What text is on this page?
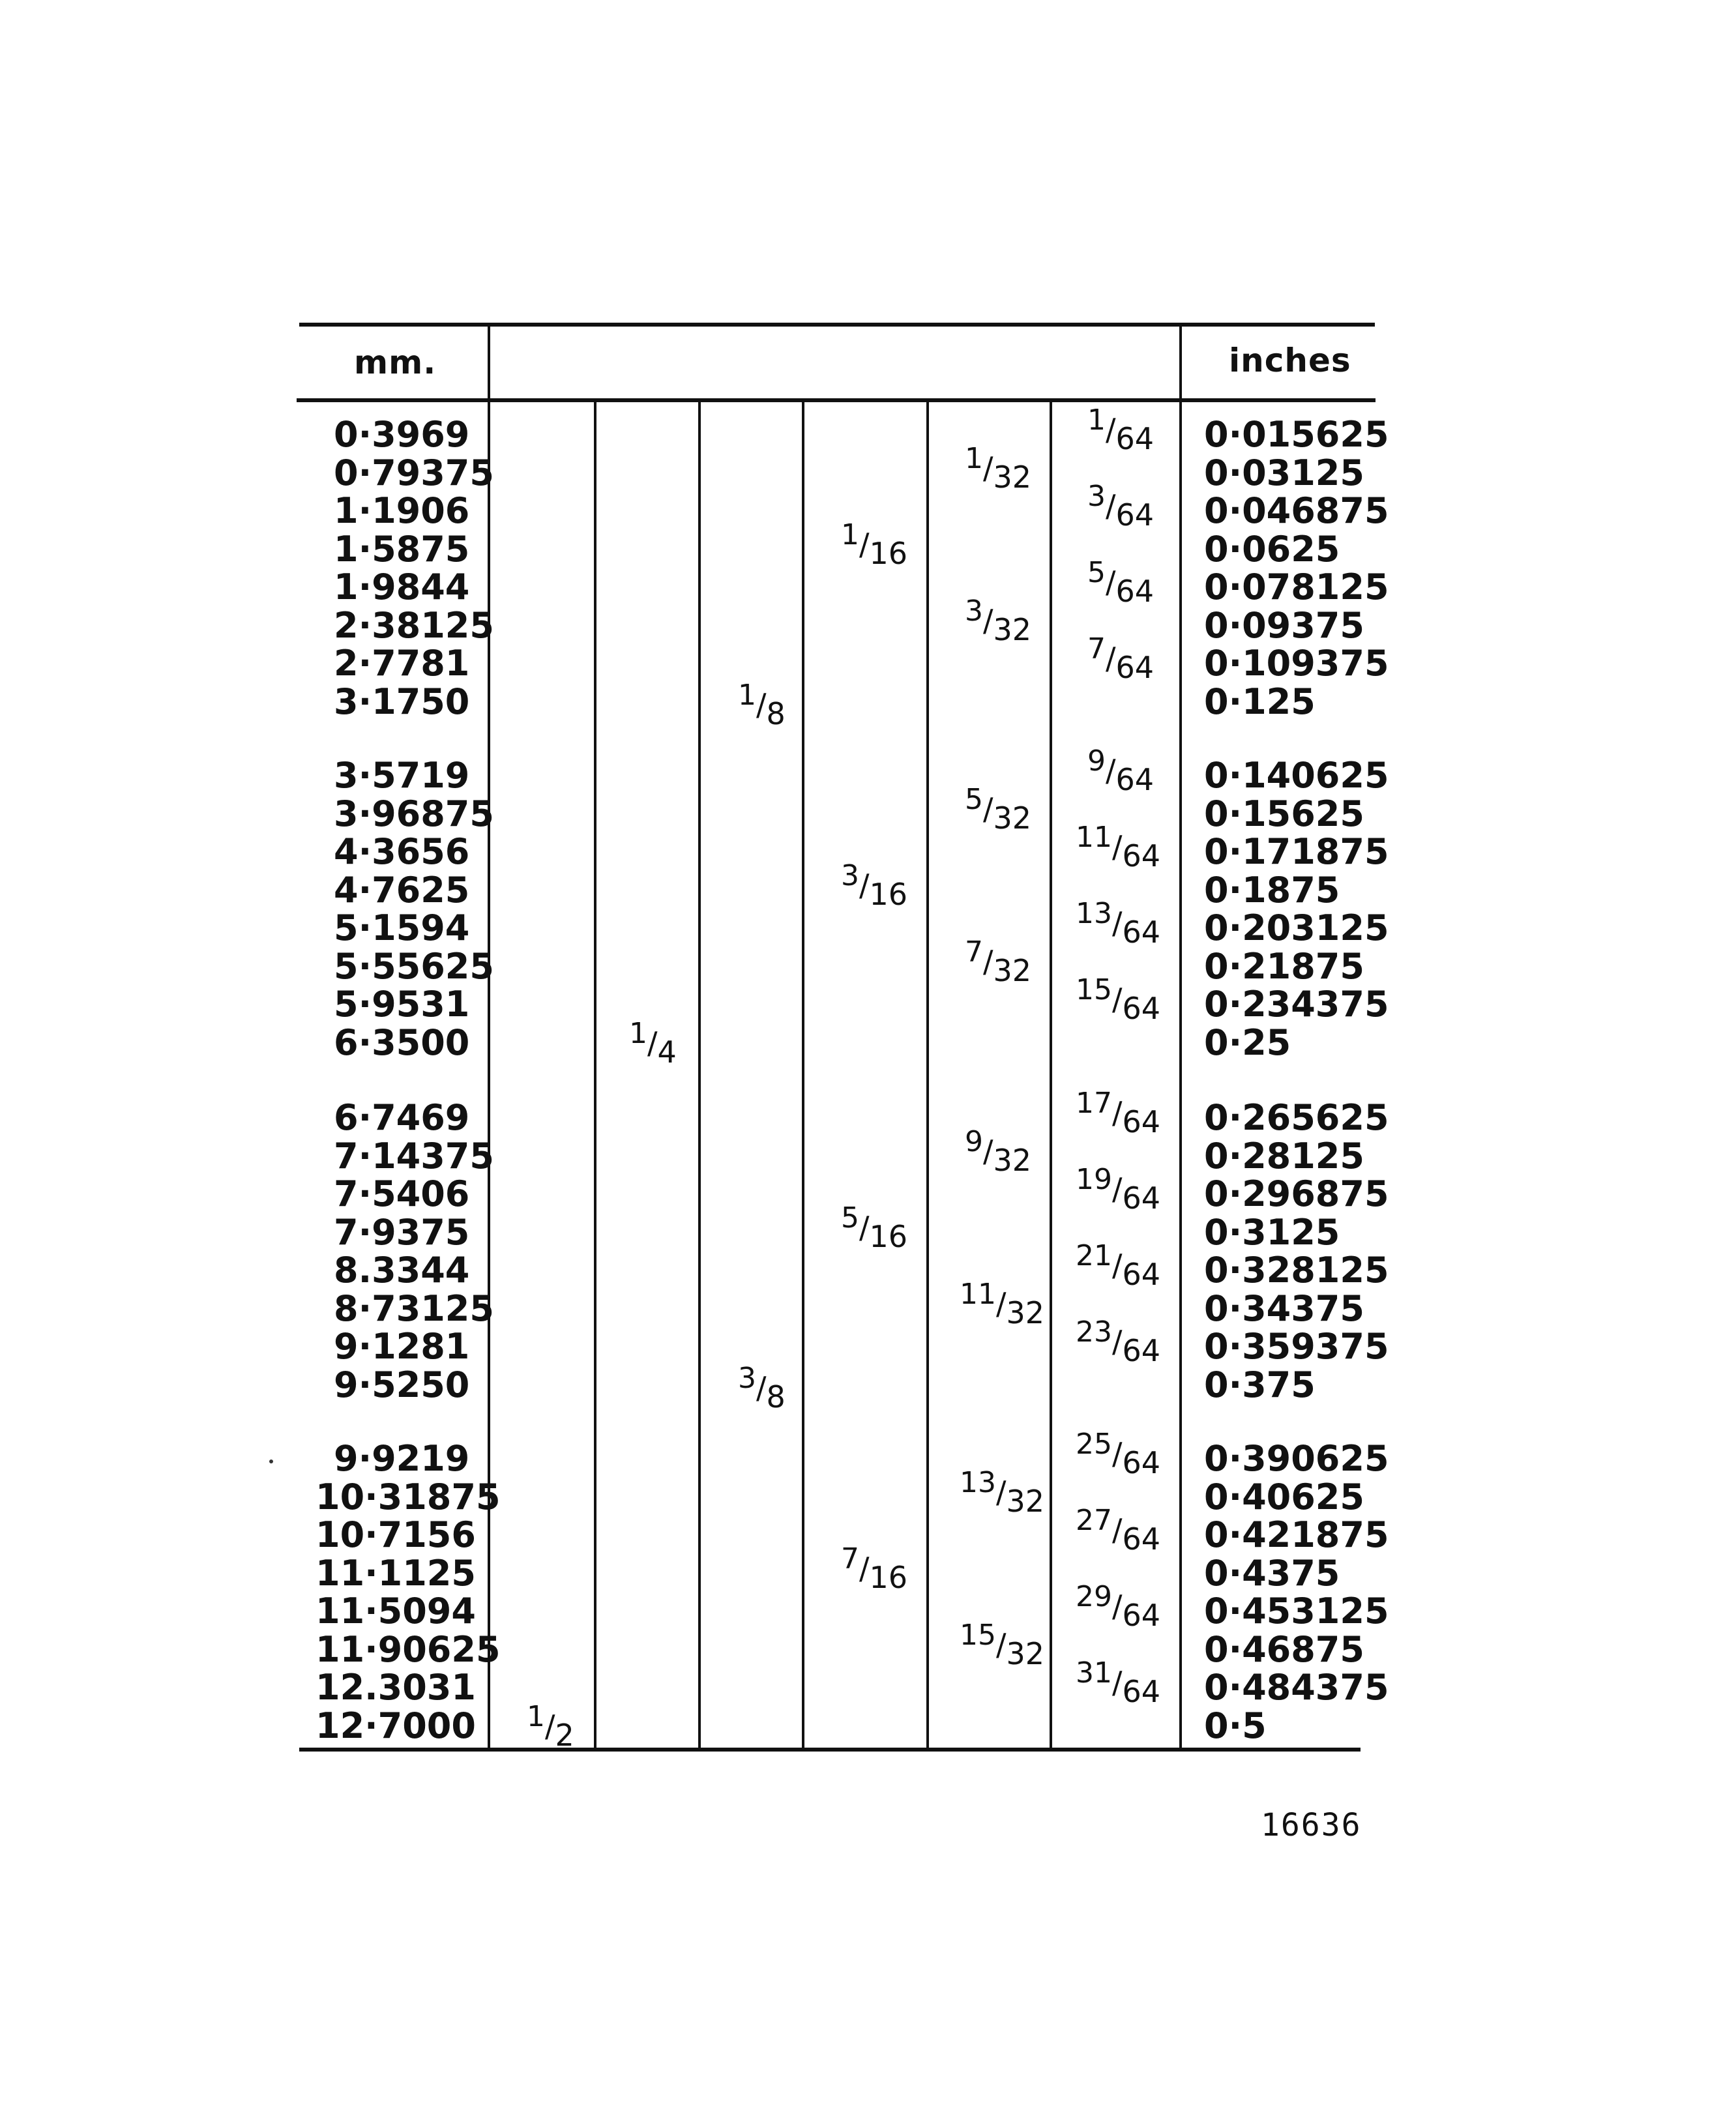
mm.	inches
0·3969
0·79375
1·1906
1·5875
1·9844
2·38125
2·7781
3·1750
3·5719
3·96875
4·3656
4·7625
5·1594
5·55625
5·9531
6·3500
6·7469
7·14375
7·5406
7·9375
8.3344
8·73125
9·1281
9·5250
9·9219
10·31875
10·7156
11·1125
11·5094
11·90625
12.3031
12·7000
0·015625
0·03125
0·046875
0·0625
0·078125
0·09375
0·109375
0·125
0·140625
0·15625
0·171875
0·1875
0·203125
0·21875
0·234375
0·25
0·265625
0·28125
0·296875
0·3125
0·328125
0·34375
0·359375
0·375
0·390625
0·40625
0·421875
0·4375
0·453125
0·46875
0·484375
0·5
1/64
3/64
5/64
7/64
9/64
11/64
13/64
15/64
17/64
19/64
21/64
23/64
25/64
27/64
29/64
31/64
1/32
3/32
5/32
7/32
9/32
11/32
13/32
15/32
1/16
3/16
5/16
7/16
1/8
3/8
1/4
1/2
16636
